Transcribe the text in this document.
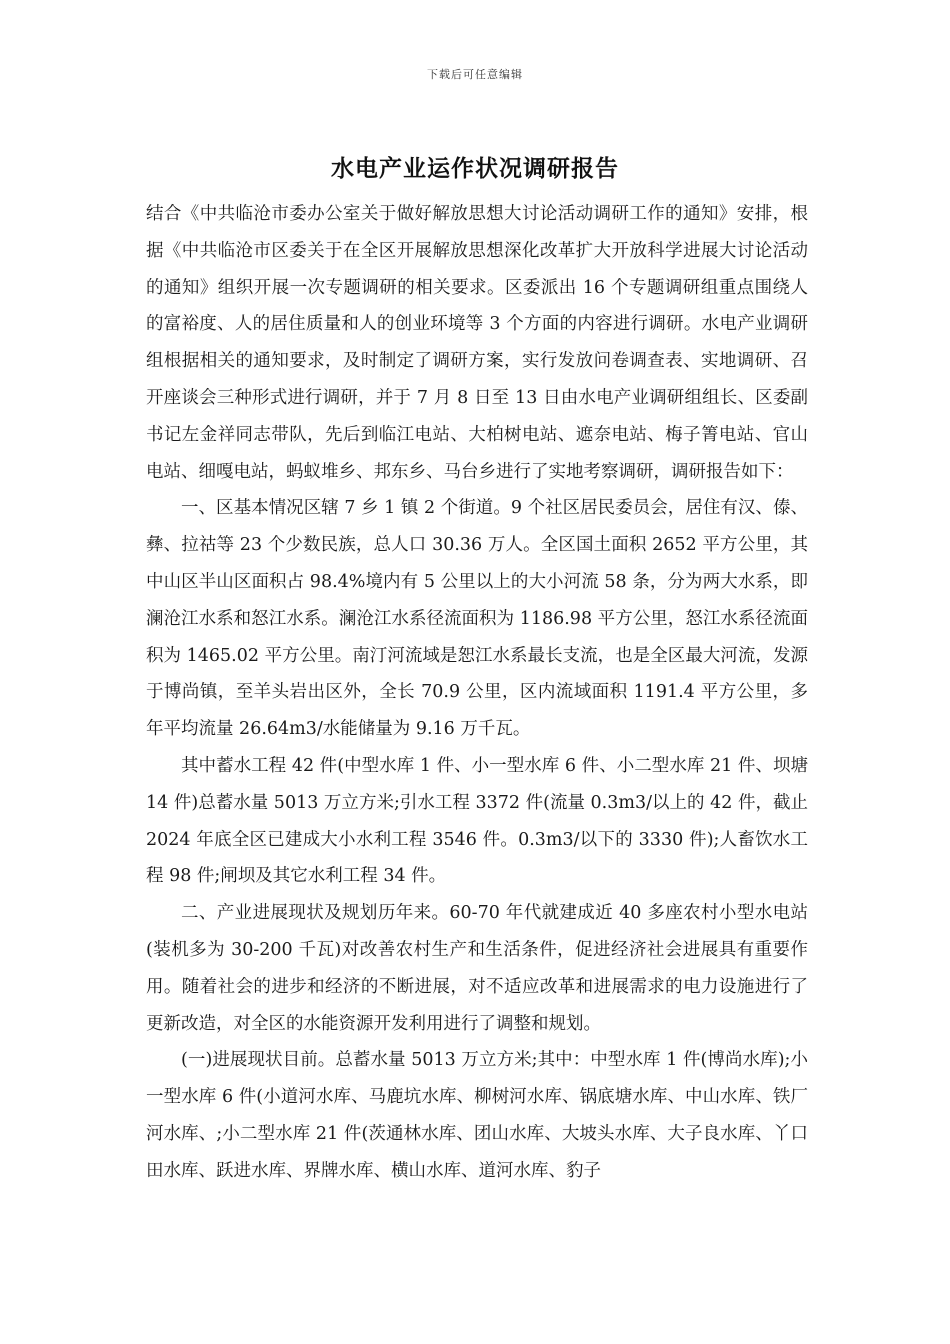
下载后可任意编辑
水电产业运作状况调研报告

结合《中共临沧市委办公室关于做好解放思想大讨论活动调研工作的通知》安排，根据《中共临沧市区委关于在全区开展解放思想深化改革扩大开放科学进展大讨论活动的通知》组织开展一次专题调研的相关要求。区委派出 16 个专题调研组重点围绕人的富裕度、人的居住质量和人的创业环境等 3 个方面的内容进行调研。水电产业调研组根据相关的通知要求，及时制定了调研方案，实行发放问卷调查表、实地调研、召开座谈会三种形式进行调研，并于 7 月 8 日至 13 日由水电产业调研组组长、区委副书记左金祥同志带队，先后到临江电站、大柏树电站、遮奈电站、梅子箐电站、官山电站、细嘎电站，蚂蚁堆乡、邦东乡、马台乡进行了实地考察调研，调研报告如下：

一、区基本情况区辖 7 乡 1 镇 2 个街道。9 个社区居民委员会，居住有汉、傣、彝、拉祜等 23 个少数民族，总人口 30.36 万人。全区国土面积 2652 平方公里，其中山区半山区面积占 98.4%境内有 5 公里以上的大小河流 58 条，分为两大水系，即澜沧江水系和怒江水系。澜沧江水系径流面积为 1186.98 平方公里，怒江水系径流面积为 1465.02 平方公里。南汀河流域是恕江水系最长支流，也是全区最大河流，发源于博尚镇，至羊头岩出区外，全长 70.9 公里，区内流域面积 1191.4 平方公里，多年平均流量 26.64m3/水能储量为 9.16 万千瓦。

其中蓄水工程 42 件(中型水库 1 件、小一型水库 6 件、小二型水库 21 件、坝塘 14 件)总蓄水量 5013 万立方米;引水工程 3372 件(流量 0.3m3/以上的 42 件，截止 2024 年底全区已建成大小水利工程 3546 件。0.3m3/以下的 3330 件);人畜饮水工程 98 件;闸坝及其它水利工程 34 件。

二、产业进展现状及规划历年来。60-70 年代就建成近 40 多座农村小型水电站(装机多为 30-200 千瓦)对改善农村生产和生活条件，促进经济社会进展具有重要作用。随着社会的进步和经济的不断进展，对不适应改革和进展需求的电力设施进行了更新改造，对全区的水能资源开发利用进行了调整和规划。

(一)进展现状目前。总蓄水量 5013 万立方米;其中：中型水库 1 件(博尚水库);小一型水库 6 件(小道河水库、马鹿坑水库、柳树河水库、锅底塘水库、中山水库、铁厂河水库、;小二型水库 21 件(茨通林水库、团山水库、大坡头水库、大子良水库、丫口田水库、跃进水库、界牌水库、横山水库、道河水库、豹子
